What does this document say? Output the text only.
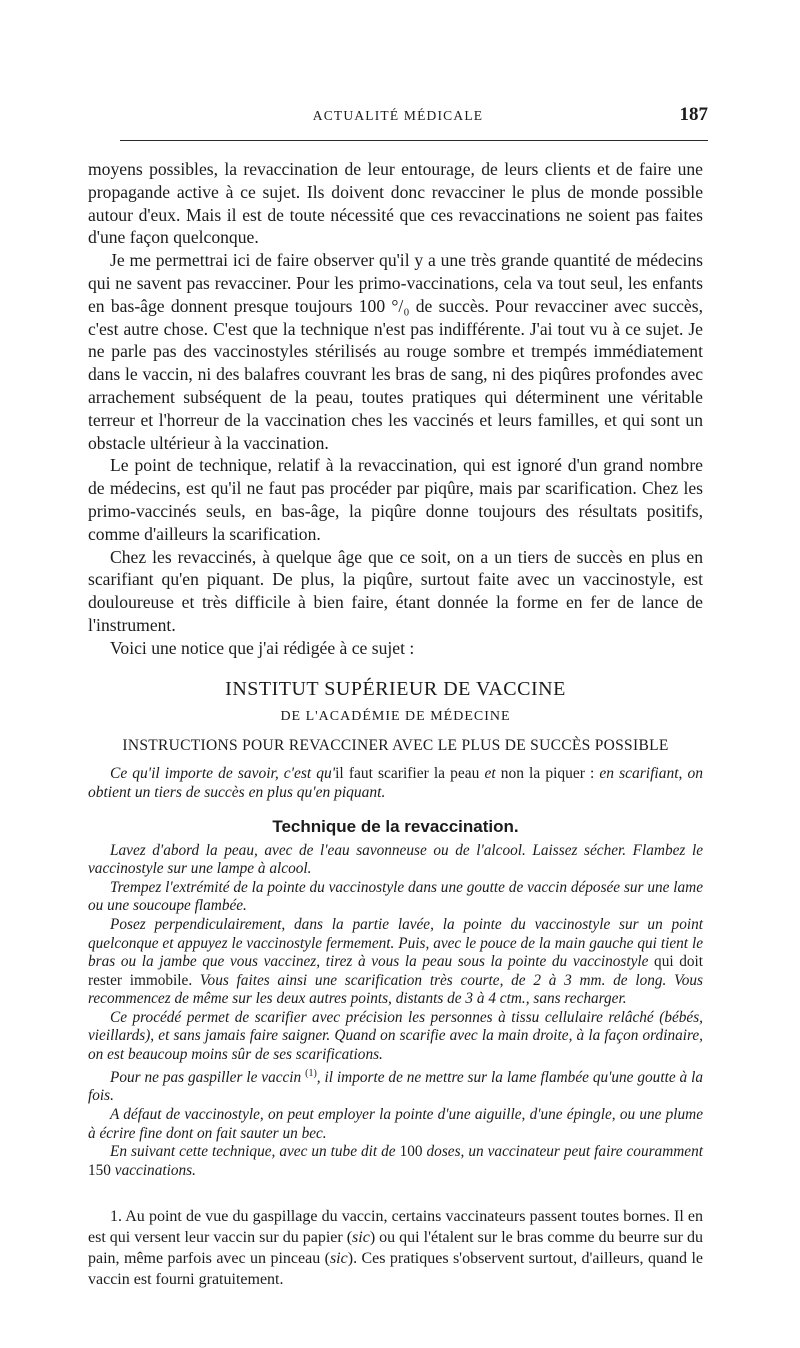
ACTUALITÉ MÉDICALE	187

moyens possibles, la revaccination de leur entourage, de leurs clients et de faire une propagande active à ce sujet. Ils doivent donc revacciner le plus de monde possible autour d'eux. Mais il est de toute nécessité que ces revaccinations ne soient pas faites d'une façon quelconque.

Je me permettrai ici de faire observer qu'il y a une très grande quantité de médecins qui ne savent pas revacciner. Pour les primo-vaccinations, cela va tout seul, les enfants en bas-âge donnent presque toujours 100 °/₀ de succès. Pour revacciner avec succès, c'est autre chose. C'est que la technique n'est pas indifférente. J'ai tout vu à ce sujet. Je ne parle pas des vaccinostyles stérilisés au rouge sombre et trempés immédiatement dans le vaccin, ni des balafres couvrant les bras de sang, ni des piqûres profondes avec arrachement subséquent de la peau, toutes pratiques qui déterminent une véritable terreur et l'horreur de la vaccination ches les vaccinés et leurs familles, et qui sont un obstacle ultérieur à la vaccination.

Le point de technique, relatif à la revaccination, qui est ignoré d'un grand nombre de médecins, est qu'il ne faut pas procéder par piqûre, mais par scarification. Chez les primo-vaccinés seuls, en bas-âge, la piqûre donne toujours des résultats positifs, comme d'ailleurs la scarification.

Chez les revaccinés, à quelque âge que ce soit, on a un tiers de succès en plus en scarifiant qu'en piquant. De plus, la piqûre, surtout faite avec un vaccinostyle, est douloureuse et très difficile à bien faire, étant donnée la forme en fer de lance de l'instrument.

Voici une notice que j'ai rédigée à ce sujet :

INSTITUT SUPÉRIEUR DE VACCINE
DE L'ACADÉMIE DE MÉDECINE
INSTRUCTIONS POUR REVACCINER AVEC LE PLUS DE SUCCÈS POSSIBLE

Ce qu'il importe de savoir, c'est qu'il faut scarifier la peau et non la piquer : en scarifiant, on obtient un tiers de succès en plus qu'en piquant.

Technique de la revaccination.

Lavez d'abord la peau, avec de l'eau savonneuse ou de l'alcool. Laissez sécher. Flambez le vaccinostyle sur une lampe à alcool.

Trempez l'extrémité de la pointe du vaccinostyle dans une goutte de vaccin déposée sur une lame ou une soucoupe flambée.

Posez perpendiculairement, dans la partie lavée, la pointe du vaccinostyle sur un point quelconque et appuyez le vaccinostyle fermement. Puis, avec le pouce de la main gauche qui tient le bras ou la jambe que vous vaccinez, tirez à vous la peau sous la pointe du vaccinostyle qui doit rester immobile. Vous faites ainsi une scarification très courte, de 2 à 3 mm. de long. Vous recommencez de même sur les deux autres points, distants de 3 à 4 ctm., sans recharger.

Ce procédé permet de scarifier avec précision les personnes à tissu cellulaire relâché (bébés, vieillards), et sans jamais faire saigner. Quand on scarifie avec la main droite, à la façon ordinaire, on est beaucoup moins sûr de ses scarifications.

Pour ne pas gaspiller le vaccin $^{(1)}$, il importe de ne mettre sur la lame flambée qu'une goutte à la fois.

A défaut de vaccinostyle, on peut employer la pointe d'une aiguille, d'une épingle, ou une plume à écrire fine dont on fait sauter un bec.

En suivant cette technique, avec un tube dit de 100 doses, un vaccinateur peut faire couramment 150 vaccinations.

1. Au point de vue du gaspillage du vaccin, certains vaccinateurs passent toutes bornes. Il en est qui versent leur vaccin sur du papier (sic) ou qui l'étalent sur le bras comme du beurre sur du pain, même parfois avec un pinceau (sic). Ces pratiques s'observent surtout, d'ailleurs, quand le vaccin est fourni gratuitement.
